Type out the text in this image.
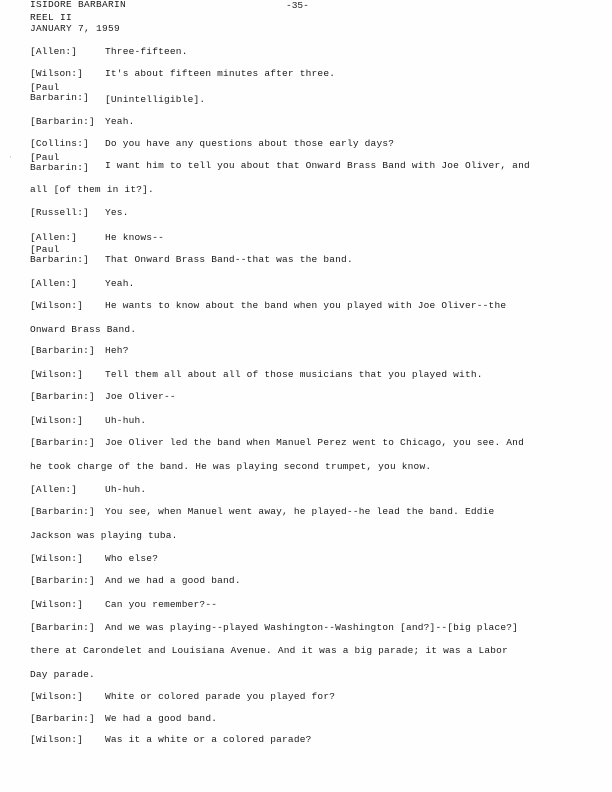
ISIDORE BARBARIN
REEL II
JANUARY 7, 1959
-35-
·
[Allen:]	Three-fifteen.
[Wilson:]	It's about fifteen minutes after three.
[Paul
Barbarin:]	[Unintelligible].
[Barbarin:]	Yeah.
[Collins:]	Do you have any questions about those early days?
[Paul
Barbarin:]	I want him to tell you about that Onward Brass Band with Joe Oliver, and
all [of them in it?].
[Russell:]	Yes.
[Allen:]	He knows--
[Paul
Barbarin:]	That Onward Brass Band--that was the band.
[Allen:]	Yeah.
[Wilson:]	He wants to know about the band when you played with Joe Oliver--the
Onward Brass Band.
[Barbarin:]	Heh?
[Wilson:]	Tell them all about all of those musicians that you played with.
[Barbarin:]	Joe Oliver--
[Wilson:]	Uh-huh.
[Barbarin:]	Joe Oliver led the band when Manuel Perez went to Chicago, you see. And
he took charge of the band. He was playing second trumpet, you know.
[Allen:]	Uh-huh.
[Barbarin:]	You see, when Manuel went away, he played--he lead the band. Eddie
Jackson was playing tuba.
[Wilson:]	Who else?
[Barbarin:]	And we had a good band.
[Wilson:]	Can you remember?--
[Barbarin:]	And we was playing--played Washington--Washington [and?]--[big place?]
there at Carondelet and Louisiana Avenue. And it was a big parade; it was a Labor
Day parade.
[Wilson:]	White or colored parade you played for?
[Barbarin:]	We had a good band.
[Wilson:]	Was it a white or a colored parade?
